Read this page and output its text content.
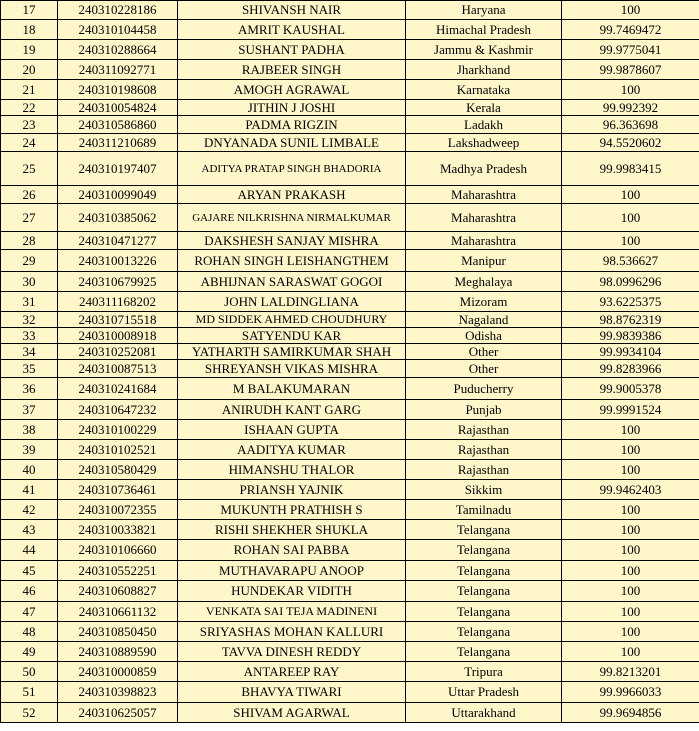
17	240310228186	SHIVANSH NAIR	Haryana	100
18	240310104458	AMRIT KAUSHAL	Himachal Pradesh	99.7469472
19	240310288664	SUSHANT PADHA	Jammu & Kashmir	99.9775041
20	240311092771	RAJBEER SINGH	Jharkhand	99.9878607
21	240310198608	AMOGH AGRAWAL	Karnataka	100
22	240310054824	JITHIN J JOSHI	Kerala	99.992392
23	240310586860	PADMA RIGZIN	Ladakh	96.363698
24	240311210689	DNYANADA SUNIL LIMBALE	Lakshadweep	94.5520602
25	240310197407	ADITYA PRATAP SINGH BHADORIA	Madhya Pradesh	99.9983415
26	240310099049	ARYAN PRAKASH	Maharashtra	100
27	240310385062	GAJARE NILKRISHNA NIRMALKUMAR	Maharashtra	100
28	240310471277	DAKSHESH SANJAY MISHRA	Maharashtra	100
29	240310013226	ROHAN SINGH LEISHANGTHEM	Manipur	98.536627
30	240310679925	ABHIJNAN SARASWAT GOGOI	Meghalaya	98.0996296
31	240311168202	JOHN LALDINGLIANA	Mizoram	93.6225375
32	240310715518	MD SIDDEK AHMED CHOUDHURY	Nagaland	98.8762319
33	240310008918	SATYENDU KAR	Odisha	99.9839386
34	240310252081	YATHARTH SAMIRKUMAR SHAH	Other	99.9934104
35	240310087513	SHREYANSH VIKAS MISHRA	Other	99.8283966
36	240310241684	M BALAKUMARAN	Puducherry	99.9005378
37	240310647232	ANIRUDH KANT GARG	Punjab	99.9991524
38	240310100229	ISHAAN GUPTA	Rajasthan	100
39	240310102521	AADITYA KUMAR	Rajasthan	100
40	240310580429	HIMANSHU THALOR	Rajasthan	100
41	240310736461	PRIANSH YAJNIK	Sikkim	99.9462403
42	240310072355	MUKUNTH PRATHISH S	Tamilnadu	100
43	240310033821	RISHI SHEKHER SHUKLA	Telangana	100
44	240310106660	ROHAN SAI PABBA	Telangana	100
45	240310552251	MUTHAVARAPU ANOOP	Telangana	100
46	240310608827	HUNDEKAR VIDITH	Telangana	100
47	240310661132	VENKATA SAI TEJA MADINENI	Telangana	100
48	240310850450	SRIYASHAS MOHAN KALLURI	Telangana	100
49	240310889590	TAVVA DINESH REDDY	Telangana	100
50	240310000859	ANTAREEP RAY	Tripura	99.8213201
51	240310398823	BHAVYA TIWARI	Uttar Pradesh	99.9966033
52	240310625057	SHIVAM AGARWAL	Uttarakhand	99.9694856
